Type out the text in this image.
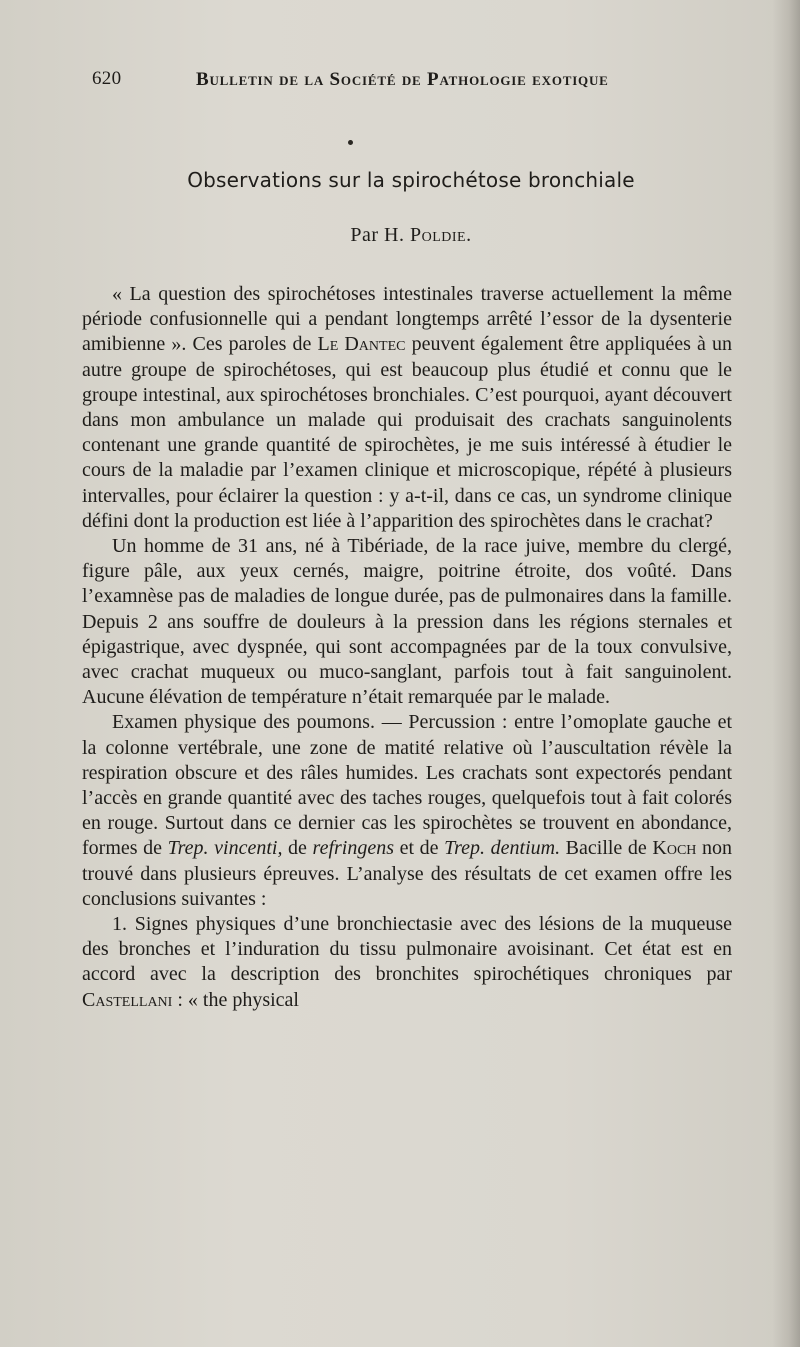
620	Bulletin de la Société de Pathologie exotique
Observations sur la spirochétose bronchiale
Par H. Poldie.

« La question des spirochétoses intestinales traverse actuellement la même période confusionnelle qui a pendant longtemps arrêté l’essor de la dysenterie amibienne ». Ces paroles de Le Dantec peuvent également être appliquées à un autre groupe de spirochétoses, qui est beaucoup plus étudié et connu que le groupe intestinal, aux spirochétoses bronchiales. C’est pourquoi, ayant découvert dans mon ambulance un malade qui produisait des crachats sanguinolents contenant une grande quantité de spirochètes, je me suis intéressé à étudier le cours de la maladie par l’examen clinique et microscopique, répété à plusieurs intervalles, pour éclairer la question : y a-t-il, dans ce cas, un syndrome clinique défini dont la production est liée à l’apparition des spirochètes dans le crachat?

Un homme de 31 ans, né à Tibériade, de la race juive, membre du clergé, figure pâle, aux yeux cernés, maigre, poitrine étroite, dos voûté. Dans l’examnèse pas de maladies de longue durée, pas de pulmonaires dans la famille. Depuis 2 ans souffre de douleurs à la pression dans les régions sternales et épigastrique, avec dyspnée, qui sont accompagnées par de la toux convulsive, avec crachat muqueux ou muco-sanglant, parfois tout à fait sanguinolent. Aucune élévation de température n’était remarquée par le malade.

Examen physique des poumons. — Percussion : entre l’omoplate gauche et la colonne vertébrale, une zone de matité relative où l’auscultation révèle la respiration obscure et des râles humides. Les crachats sont expectorés pendant l’accès en grande quantité avec des taches rouges, quelquefois tout à fait colorés en rouge. Surtout dans ce dernier cas les spirochètes se trouvent en abondance, formes de Trep. vincenti, de refringens et de Trep. dentium. Bacille de Koch non trouvé dans plusieurs épreuves. L’analyse des résultats de cet examen offre les conclusions suivantes :

1. Signes physiques d’une bronchiectasie avec des lésions de la muqueuse des bronches et l’induration du tissu pulmonaire avoisinant. Cet état est en accord avec la description des bronchites spirochétiques chroniques par Castellani : « the physical
